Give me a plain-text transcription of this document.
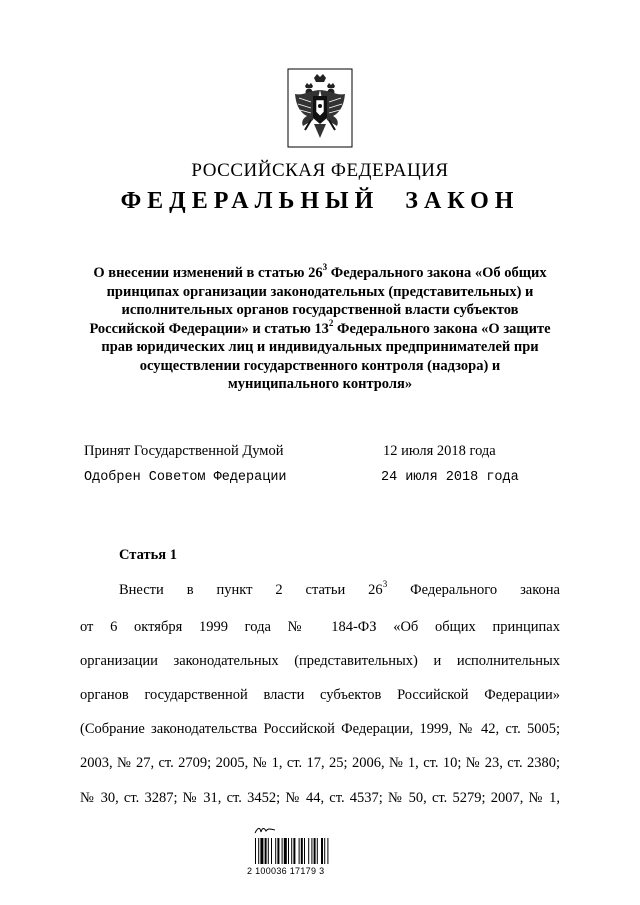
РОССИЙСКАЯ ФЕДЕРАЦИЯ
ФЕДЕРАЛЬНЫЙ ЗАКОН
О внесении изменений в статью $26^3$ Федерального закона «Об общих
принципах организации законодательных (представительных) и
исполнительных органов государственной власти субъектов
Российской Федерации» и статью $13^2$ Федерального закона «О защите
прав юридических лиц и индивидуальных предпринимателей при
осуществлении государственного контроля (надзора) и
муниципального контроля»
Принят Государственной Думой	12 июля 2018 года
Одобрен Советом Федерации	24 июля 2018 года
Статья 1
Внести в пункт 2 статьи $26^3$ Федерального закона
от 6 октября 1999 года № 184-ФЗ «Об общих принципах
организации законодательных (представительных) и исполнительных
органов государственной власти субъектов Российской Федерации»
(Собрание законодательства Российской Федерации, 1999, № 42, ст. 5005;
2003, № 27, ст. 2709; 2005, № 1, ст. 17, 25; 2006, № 1, ст. 10; № 23, ст. 2380;
№ 30, ст. 3287; № 31, ст. 3452; № 44, ст. 4537; № 50, ст. 5279; 2007, № 1,
2 100036 17179 3
